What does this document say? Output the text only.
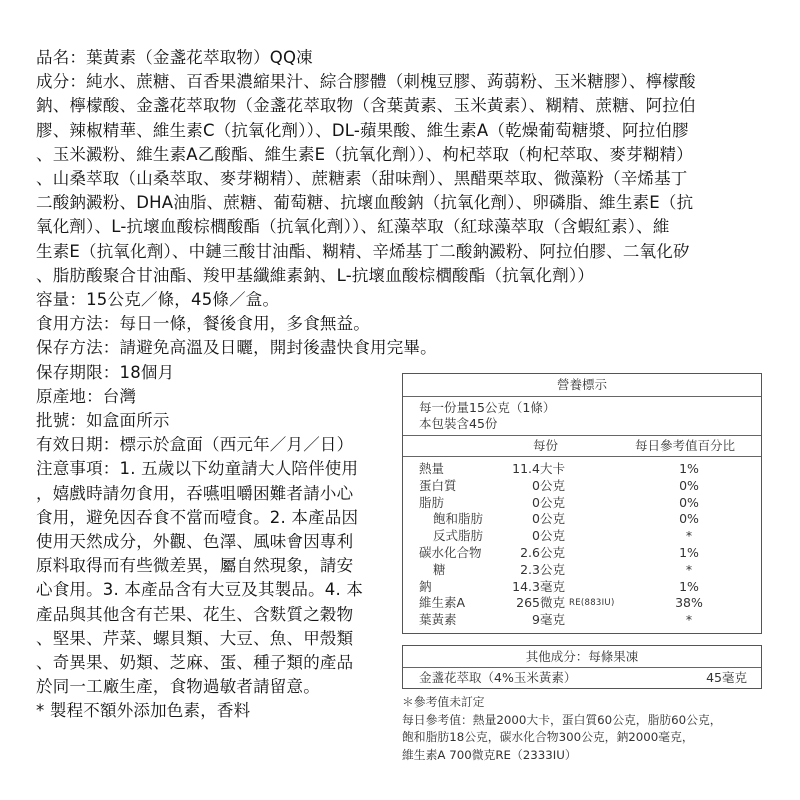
品名：葉黃素（金盞花萃取物）QQ凍
成分：純水、蔗糖、百香果濃縮果汁、綜合膠體（刺槐豆膠、蒟蒻粉、玉米糖膠）、檸檬酸
鈉、檸檬酸、金盞花萃取物（金盞花萃取物（含葉黃素、玉米黃素）、糊精、蔗糖、阿拉伯
膠、辣椒精華、維生素C（抗氧化劑））、DL-蘋果酸、維生素A（乾燥葡萄糖漿、阿拉伯膠
、玉米澱粉、維生素A乙酸酯、維生素E（抗氧化劑））、枸杞萃取（枸杞萃取、麥芽糊精）
、山桑萃取（山桑萃取、麥芽糊精）、蔗糖素（甜味劑）、黑醋栗萃取、微藻粉（辛烯基丁
二酸鈉澱粉、DHA油脂、蔗糖、葡萄糖、抗壞血酸鈉（抗氧化劑）、卵磷脂、維生素E（抗
氧化劑）、L-抗壞血酸棕櫚酸酯（抗氧化劑））、紅藻萃取（紅球藻萃取（含蝦紅素）、維
生素E（抗氧化劑）、中鏈三酸甘油酯、糊精、辛烯基丁二酸鈉澱粉、阿拉伯膠、二氧化矽
、脂肪酸聚合甘油酯、羧甲基纖維素鈉、L-抗壞血酸棕櫚酸酯（抗氧化劑））
容量：15公克／條，45條／盒。
食用方法：每日一條，餐後食用，多食無益。
保存方法：請避免高溫及日曬，開封後盡快食用完畢。
保存期限：18個月
原產地：台灣
批號：如盒面所示
有效日期：標示於盒面（西元年／月／日）
注意事項：1. 五歲以下幼童請大人陪伴使用
，嬉戲時請勿食用，吞嚥咀嚼困難者請小心
食用，避免因吞食不當而噎食。2. 本產品因
使用天然成分，外觀、色澤、風味會因專利
原料取得而有些微差異，屬自然現象，請安
心食用。3. 本產品含有大豆及其製品。4. 本
產品與其他含有芒果、花生、含麩質之穀物
、堅果、芹菜、螺貝類、大豆、魚、甲殼類
、奇異果、奶類、芝麻、蛋、種子類的產品
於同一工廠生產，食物過敏者請留意。
* 製程不額外添加色素，香料
營養標示
每一份量15公克（1條）
本包裝含45份
每份	每日參考值百分比
熱量	11.4大卡	1%
蛋白質	0公克	0%
脂肪	0公克	0%
飽和脂肪	0公克	0%
反式脂肪	0公克	*
碳水化合物	2.6公克	1%
糖	2.3公克	*
鈉	14.3毫克	1%
維生素A	265微克 RE(883IU)	38%
葉黃素	9毫克	*
其他成分：每條果凍
金盞花萃取（4%玉米黃素）	45毫克
＊參考值未訂定
每日參考值：熱量2000大卡，蛋白質60公克，脂肪60公克，
飽和脂肪18公克，碳水化合物300公克，鈉2000毫克，
維生素A 700微克RE（2333IU）
